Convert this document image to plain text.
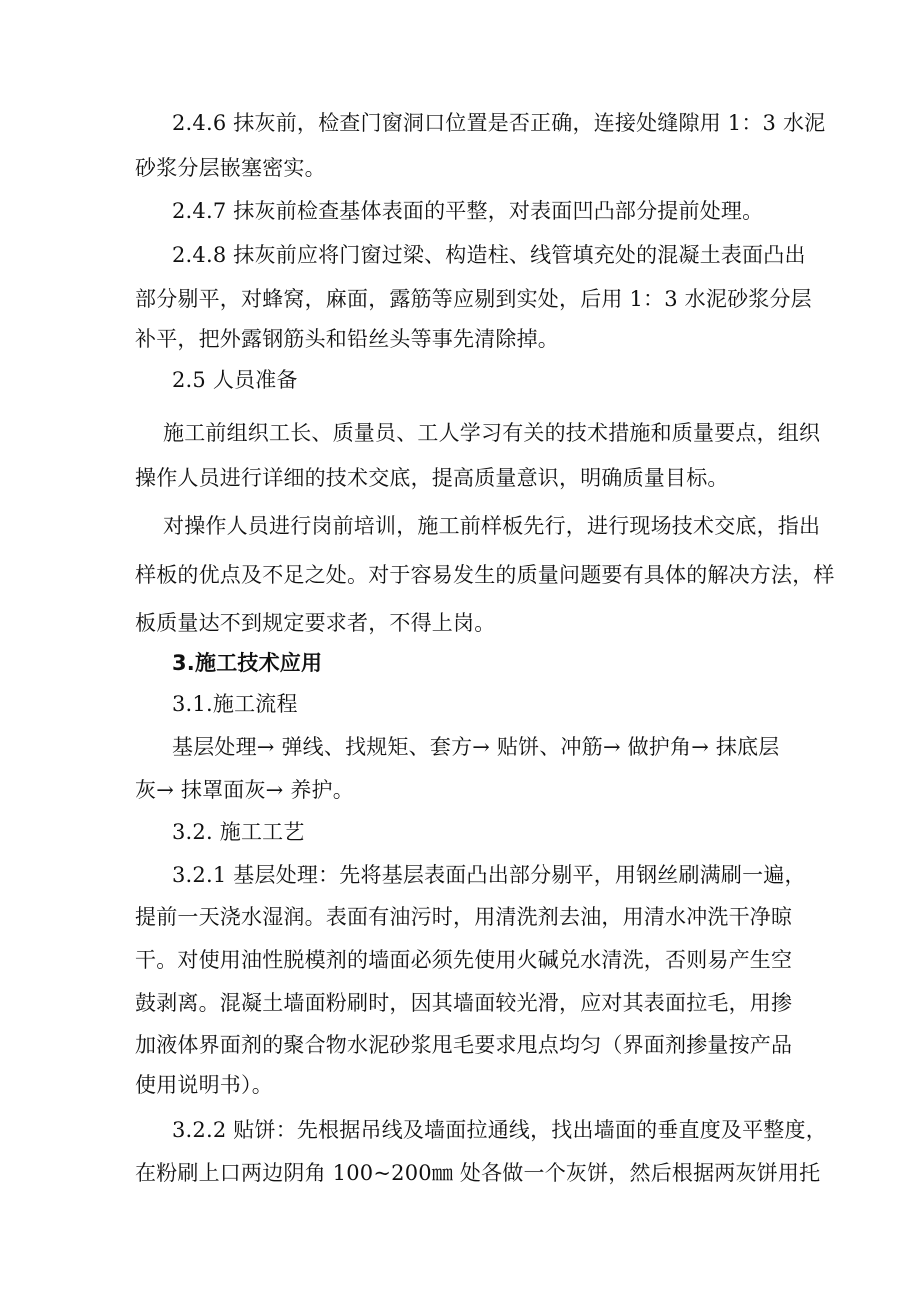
2.4.6 抹灰前，检查门窗洞口位置是否正确，连接处缝隙用 1：3 水泥
砂浆分层嵌塞密实。
2.4.7 抹灰前检查基体表面的平整，对表面凹凸部分提前处理。
2.4.8 抹灰前应将门窗过梁、构造柱、线管填充处的混凝土表面凸出
部分剔平，对蜂窝，麻面，露筋等应剔到实处，后用 1：3 水泥砂浆分层
补平，把外露钢筋头和铅丝头等事先清除掉。
2.5 人员准备
施工前组织工长、质量员、工人学习有关的技术措施和质量要点，组织
操作人员进行详细的技术交底，提高质量意识，明确质量目标。
对操作人员进行岗前培训，施工前样板先行，进行现场技术交底，指出
样板的优点及不足之处。对于容易发生的质量问题要有具体的解决方法，样
板质量达不到规定要求者，不得上岗。
3.施工技术应用
3.1.施工流程
基层处理→ 弹线、找规矩、套方→ 贴饼、冲筋→ 做护角→ 抹底层
灰→ 抹罩面灰→ 养护。
3.2. 施工工艺
3.2.1 基层处理：先将基层表面凸出部分剔平，用钢丝刷满刷一遍，
提前一天浇水湿润。表面有油污时，用清洗剂去油，用清水冲洗干净晾
干。对使用油性脱模剂的墙面必须先使用火碱兑水清洗，否则易产生空
鼓剥离。混凝土墙面粉刷时，因其墙面较光滑，应对其表面拉毛，用掺
加液体界面剂的聚合物水泥砂浆甩毛要求甩点均匀（界面剂掺量按产品
使用说明书）。
3.2.2 贴饼：先根据吊线及墙面拉通线，找出墙面的垂直度及平整度，
在粉刷上口两边阴角 100~200㎜ 处各做一个灰饼，然后根据两灰饼用托
